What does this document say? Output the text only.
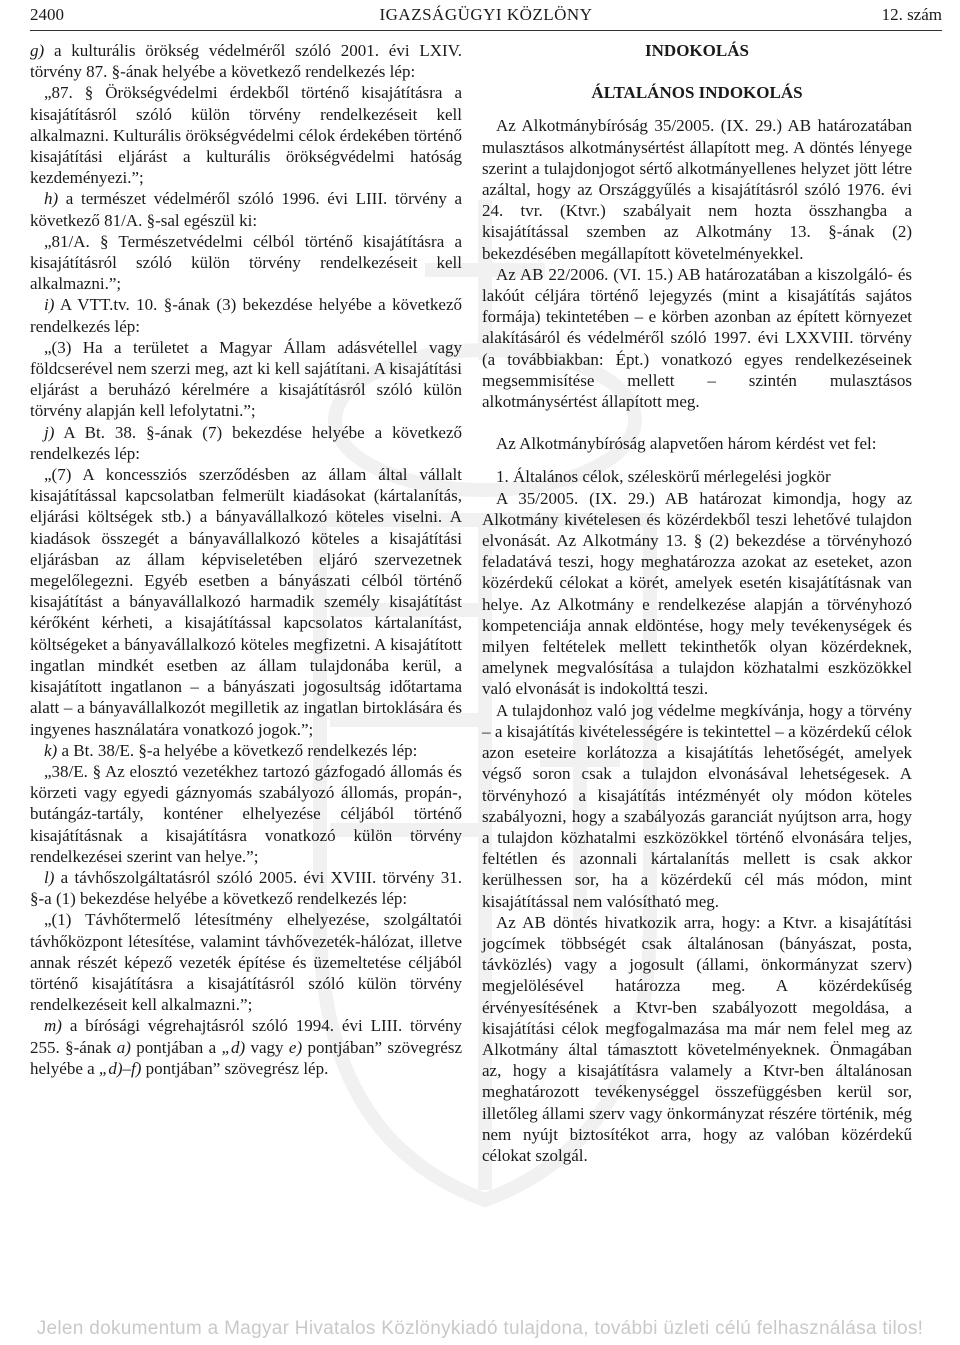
2400	IGAZSÁGÜGYI KÖZLÖNY	12. szám

g) a kulturális örökség védelméről szóló 2001. évi LXIV. törvény 87. §-ának helyébe a következő rendelkezés lép:

„87. § Örökségvédelmi érdekből történő kisajátításra a kisajátításról szóló külön törvény rendelkezéseit kell alkalmazni. Kulturális örökségvédelmi célok érdekében történő kisajátítási eljárást a kulturális örökségvédelmi hatóság kezdeményezi.”;

h) a természet védelméről szóló 1996. évi LIII. törvény a következő 81/A. §-sal egészül ki:

„81/A. § Természetvédelmi célból történő kisajátításra a kisajátításról szóló külön törvény rendelkezéseit kell alkalmazni.”;

i) A VTT.tv. 10. §-ának (3) bekezdése helyébe a következő rendelkezés lép:

„(3) Ha a területet a Magyar Állam adásvétellel vagy földcserével nem szerzi meg, azt ki kell sajátítani. A kisajátítási eljárást a beruházó kérelmére a kisajátításról szóló külön törvény alapján kell lefolytatni.”;

j) A Bt. 38. §-ának (7) bekezdése helyébe a következő rendelkezés lép:

„(7) A koncessziós szerződésben az állam által vállalt kisajátítással kapcsolatban felmerült kiadásokat (kártalanítás, eljárási költségek stb.) a bányavállalkozó köteles viselni. A kiadások összegét a bányavállalkozó köteles a kisajátítási eljárásban az állam képviseletében eljáró szervezetnek megelőlegezni. Egyéb esetben a bányászati célból történő kisajátítást a bányavállalkozó harmadik személy kisajátítást kérőként kérheti, a kisajátítással kapcsolatos kártalanítást, költségeket a bányavállalkozó köteles megfizetni. A kisajátított ingatlan mindkét esetben az állam tulajdonába kerül, a kisajátított ingatlanon – a bányászati jogosultság időtartama alatt – a bányavállalkozót megilletik az ingatlan birtoklására és ingyenes használatára vonatkozó jogok.”;

k) a Bt. 38/E. §-a helyébe a következő rendelkezés lép:

„38/E. § Az elosztó vezetékhez tartozó gázfogadó állomás és körzeti vagy egyedi gáznyomás szabályozó állomás, propán-, butángáz-tartály, konténer elhelyezése céljából történő kisajátításnak a kisajátításra vonatkozó külön törvény rendelkezései szerint van helye.”;

l) a távhőszolgáltatásról szóló 2005. évi XVIII. törvény 31. §-a (1) bekezdése helyébe a következő rendelkezés lép:

„(1) Távhőtermelő létesítmény elhelyezése, szolgáltatói távhőközpont létesítése, valamint távhővezeték-hálózat, illetve annak részét képező vezeték építése és üzemeltetése céljából történő kisajátításra a kisajátításról szóló külön törvény rendelkezéseit kell alkalmazni.”;

m) a bírósági végrehajtásról szóló 1994. évi LIII. törvény 255. §-ának a) pontjában a „d) vagy e) pontjában” szövegrész helyébe a „d)–f) pontjában” szövegrész lép.

INDOKOLÁS

ÁLTALÁNOS INDOKOLÁS

Az Alkotmánybíróság 35/2005. (IX. 29.) AB határozatában mulasztásos alkotmánysértést állapított meg. A döntés lényege szerint a tulajdonjogot sértő alkotmányellenes helyzet jött létre azáltal, hogy az Országgyűlés a kisajátításról szóló 1976. évi 24. tvr. (Ktvr.) szabályait nem hozta összhangba a kisajátítással szemben az Alkotmány 13. §-ának (2) bekezdésében megállapított követelményekkel.

Az AB 22/2006. (VI. 15.) AB határozatában a kiszolgáló- és lakóút céljára történő lejegyzés (mint a kisajátítás sajátos formája) tekintetében – e körben azonban az épített környezet alakításáról és védelméről szóló 1997. évi LXXVIII. törvény (a továbbiakban: Épt.) vonatkozó egyes rendelkezéseinek megsemmisítése mellett – szintén mulasztásos alkotmánysértést állapított meg.

Az Alkotmánybíróság alapvetően három kérdést vet fel:

1. Általános célok, széleskörű mérlegelési jogkör

A 35/2005. (IX. 29.) AB határozat kimondja, hogy az Alkotmány kivételesen és közérdekből teszi lehetővé tulajdon elvonását. Az Alkotmány 13. § (2) bekezdése a törvényhozó feladatává teszi, hogy meghatározza azokat az eseteket, azon közérdekű célokat a körét, amelyek esetén kisajátításnak van helye. Az Alkotmány e rendelkezése alapján a törvényhozó kompetenciája annak eldöntése, hogy mely tevékenységek és milyen feltételek mellett tekinthetők olyan közérdeknek, amelynek megvalósítása a tulajdon közhatalmi eszközökkel való elvonását is indokolttá teszi.

A tulajdonhoz való jog védelme megkívánja, hogy a törvény – a kisajátítás kivételességére is tekintettel – a közérdekű célok azon eseteire korlátozza a kisajátítás lehetőségét, amelyek végső soron csak a tulajdon elvonásával lehetségesek. A törvényhozó a kisajátítás intézményét oly módon köteles szabályozni, hogy a szabályozás garanciát nyújtson arra, hogy a tulajdon közhatalmi eszközökkel történő elvonására teljes, feltétlen és azonnali kártalanítás mellett is csak akkor kerülhessen sor, ha a közérdekű cél más módon, mint kisajátítással nem valósítható meg.

Az AB döntés hivatkozik arra, hogy: a Ktvr. a kisajátítási jogcímek többségét csak általánosan (bányászat, posta, távközlés) vagy a jogosult (állami, önkormányzat szerv) megjelölésével határozza meg. A közérdekűség érvényesítésének a Ktvr-ben szabályozott megoldása, a kisajátítási célok megfogalmazása ma már nem felel meg az Alkotmány által támasztott követelményeknek. Önmagában az, hogy a kisajátításra valamely a Ktvr-ben általánosan meghatározott tevékenységgel összefüggésben kerül sor, illetőleg állami szerv vagy önkormányzat részére történik, még nem nyújt biztosítékot arra, hogy az valóban közérdekű célokat szolgál.

Jelen dokumentum a Magyar Hivatalos Közlönykiadó tulajdona, további üzleti célú felhasználása tilos!
